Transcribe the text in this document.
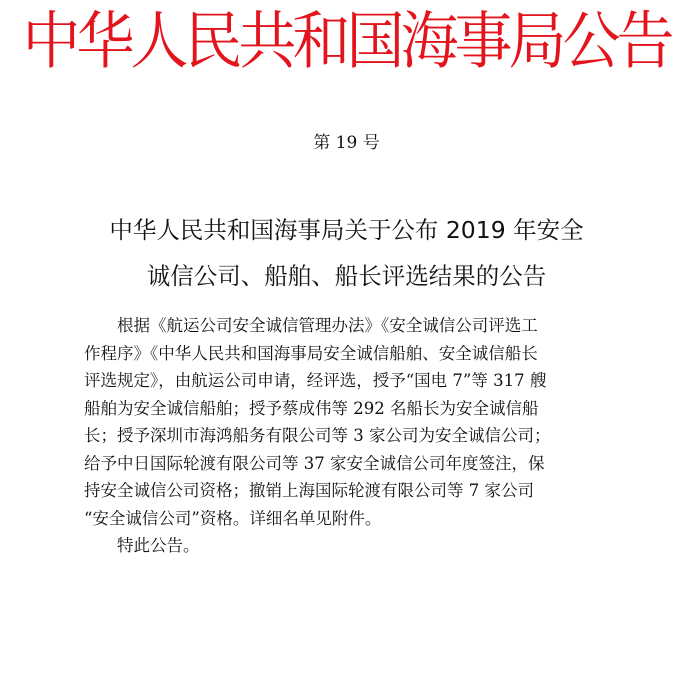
中华人民共和国海事局公告
第 19 号
中华人民共和国海事局关于公布 2019 年安全
诚信公司、船舶、船长评选结果的公告
根据《航运公司安全诚信管理办法》《安全诚信公司评选工
作程序》《中华人民共和国海事局安全诚信船舶、安全诚信船长
评选规定》，由航运公司申请，经评选，授予“国电 7”等 317 艘
船舶为安全诚信船舶；授予蔡成伟等 292 名船长为安全诚信船
长；授予深圳市海鸿船务有限公司等 3 家公司为安全诚信公司；
给予中日国际轮渡有限公司等 37 家安全诚信公司年度签注，保
持安全诚信公司资格；撤销上海国际轮渡有限公司等 7 家公司
“安全诚信公司”资格。详细名单见附件。
特此公告。
